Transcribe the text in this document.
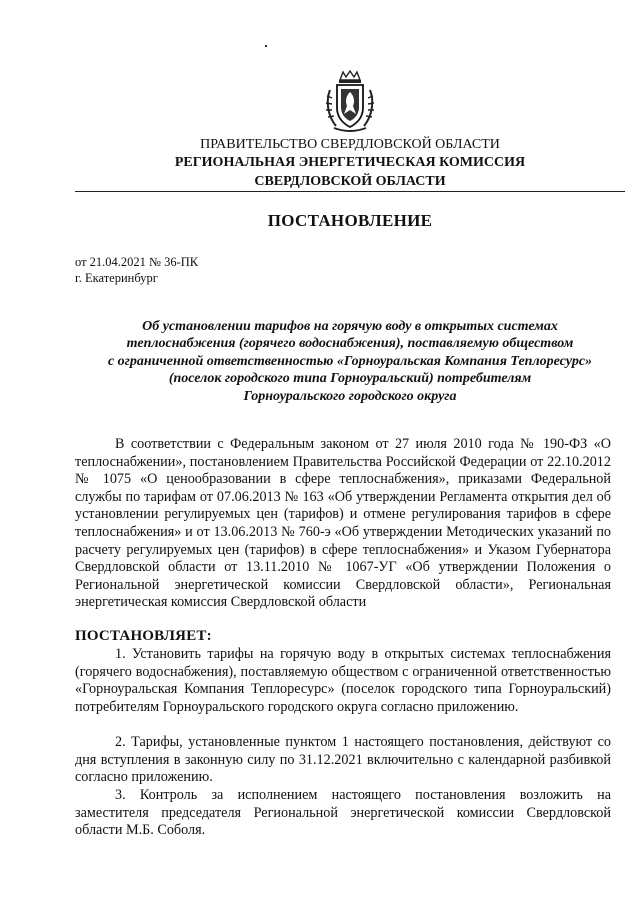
ПРАВИТЕЛЬСТВО СВЕРДЛОВСКОЙ ОБЛАСТИ
РЕГИОНАЛЬНАЯ ЭНЕРГЕТИЧЕСКАЯ КОМИССИЯ
СВЕРДЛОВСКОЙ ОБЛАСТИ
ПОСТАНОВЛЕНИЕ
от 21.04.2021 № 36-ПК
г. Екатеринбург
Об установлении тарифов на горячую воду в открытых системах
теплоснабжения (горячего водоснабжения), поставляемую обществом
с ограниченной ответственностью «Горноуральская Компания Теплоресурс»
(поселок городского типа Горноуральский) потребителям
Горноуральского городского округа
В соответствии с Федеральным законом от 27 июля 2010 года № 190-ФЗ «О теплоснабжении», постановлением Правительства Российской Федерации от 22.10.2012 № 1075 «О ценообразовании в сфере теплоснабжения», приказами Федеральной службы по тарифам от 07.06.2013 № 163 «Об утверждении Регламента открытия дел об установлении регулируемых цен (тарифов) и отмене регулирования тарифов в сфере теплоснабжения» и от 13.06.2013 № 760-э «Об утверждении Методических указаний по расчету регулируемых цен (тарифов) в сфере теплоснабжения» и Указом Губернатора Свердловской области от 13.11.2010 № 1067-УГ «Об утверждении Положения о Региональной энергетической комиссии Свердловской области», Региональная энергетическая комиссия Свердловской области
ПОСТАНОВЛЯЕТ:
1. Установить тарифы на горячую воду в открытых системах теплоснабжения (горячего водоснабжения), поставляемую обществом с ограниченной ответственностью «Горноуральская Компания Теплоресурс» (поселок городского типа Горноуральский) потребителям Горноуральского городского округа согласно приложению.
2. Тарифы, установленные пунктом 1 настоящего постановления, действуют со дня вступления в законную силу по 31.12.2021 включительно с календарной разбивкой согласно приложению.
3. Контроль за исполнением настоящего постановления возложить на заместителя председателя Региональной энергетической комиссии Свердловской области М.Б. Соболя.
